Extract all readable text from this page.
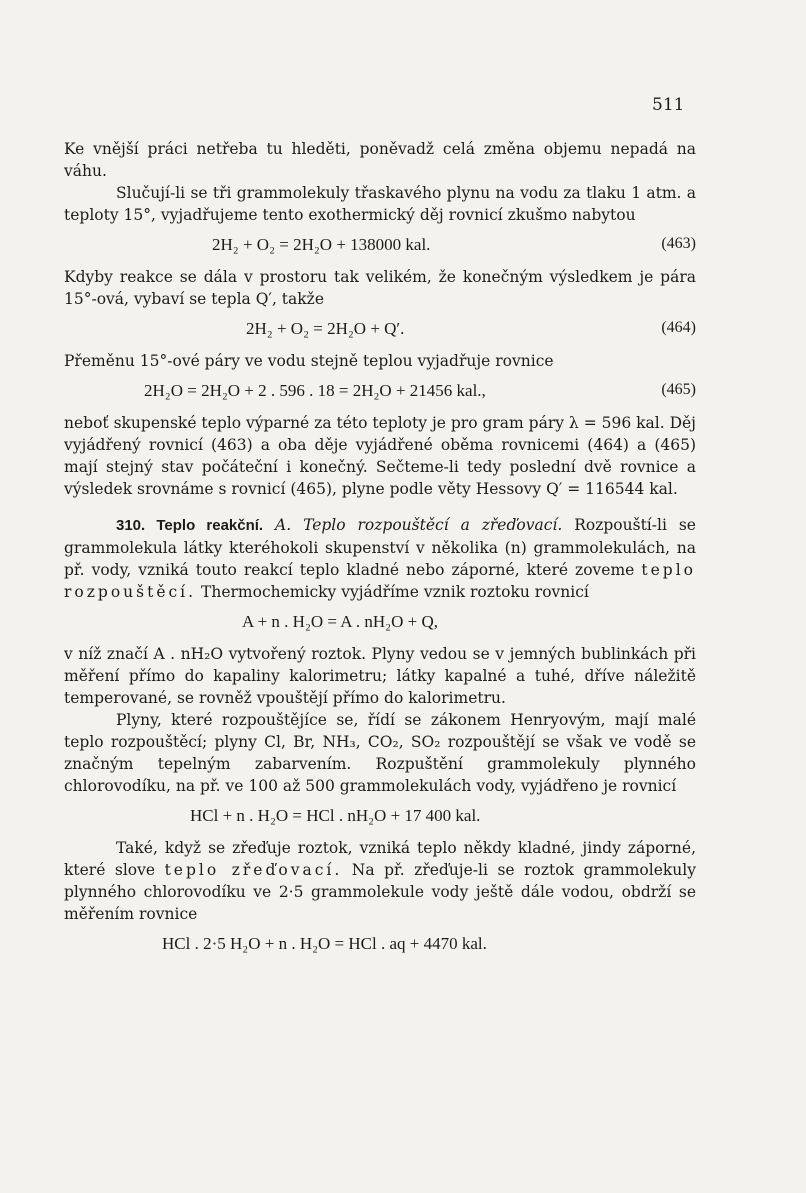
511

Ke vnější práci netřeba tu hleděti, poněvadž celá změna objemu nepadá na váhu.

Slučují-li se tři grammolekuly třaskavého plynu na vodu za tlaku 1 atm. a teploty 15°, vyjadřujeme tento exothermický děj rovnicí zkušmo nabytou

2H₂ + O₂ = 2H₂O + 138000 kal.	(463)

Kdyby reakce se dála v prostoru tak velikém, že konečným výsledkem je pára 15°-ová, vybaví se tepla Q′, takže

2H₂ + O₂ = 2H₂O + Q′.	(464)

Přeměnu 15°-ové páry ve vodu stejně teplou vyjadřuje rovnice

2H₂O = 2H₂O + 2 . 596 . 18 = 2H₂O + 21456 kal.,	(465)

neboť skupenské teplo výparné za této teploty je pro gram páry λ = 596 kal. Děj vyjádřený rovnicí (463) a oba děje vyjádřené oběma rovnicemi (464) a (465) mají stejný stav počáteční i konečný. Sečteme-li tedy poslední dvě rovnice a výsledek srovnáme s rovnicí (465), plyne podle věty Hessovy Q′ = 116544 kal.

310. Teplo reakční. A. Teplo rozpouštěcí a zřeďovací. Rozpouští-li se grammolekula látky kteréhokoli skupenství v několika (n) grammolekulách, na př. vody, vzniká touto reakcí teplo kladné nebo záporné, které zoveme teplo rozpouštěcí. Thermochemicky vyjádříme vznik roztoku rovnicí

A + n . H₂O = A . nH₂O + Q,

v níž značí A . nH₂O vytvořený roztok. Plyny vedou se v jemných bublinkách při měření přímo do kapaliny kalorimetru; látky kapalné a tuhé, dříve náležitě temperované, se rovněž vpouštějí přímo do kalorimetru.

Plyny, které rozpouštějíce se, řídí se zákonem Henryovým, mají malé teplo rozpouštěcí; plyny Cl, Br, NH₃, CO₂, SO₂ rozpouštějí se však ve vodě se značným tepelným zabarvením. Rozpuštění grammolekuly plynného chlorovodíku, na př. ve 100 až 500 grammolekulách vody, vyjádřeno je rovnicí

HCl + n . H₂O = HCl . nH₂O + 17 400 kal.

Také, když se zřeďuje roztok, vzniká teplo někdy kladné, jindy záporné, které slove teplo zřeďovací. Na př. zřeďuje-li se roztok grammolekuly plynného chlorovodíku ve 2·5 grammolekule vody ještě dále vodou, obdrží se měřením rovnice

HCl . 2·5 H₂O + n . H₂O = HCl . aq + 4470 kal.
